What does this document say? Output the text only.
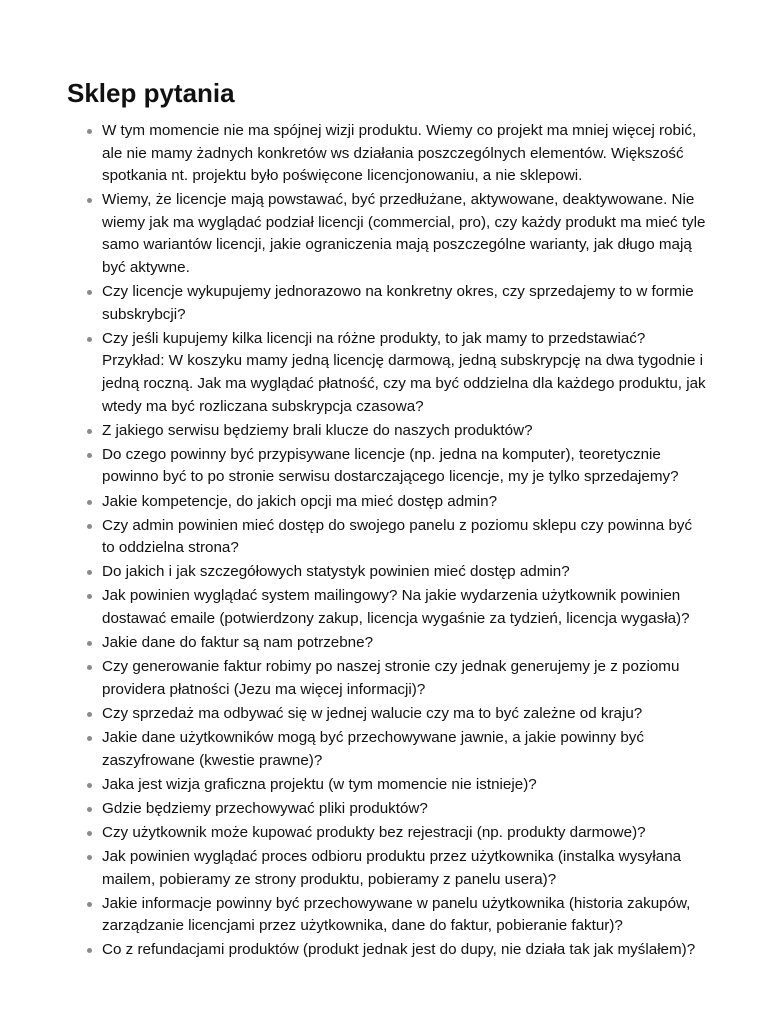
Sklep pytania
W tym momencie nie ma spójnej wizji produktu. Wiemy co projekt ma mniej więcej robić, ale nie mamy żadnych konkretów ws działania poszczególnych elementów. Większość spotkania nt. projektu było poświęcone licencjonowaniu, a nie sklepowi.
Wiemy, że licencje mają powstawać, być przedłużane, aktywowane, deaktywowane. Nie wiemy jak ma wyglądać podział licencji (commercial, pro), czy każdy produkt ma mieć tyle samo wariantów licencji, jakie ograniczenia mają poszczególne warianty, jak długo mają być aktywne.
Czy licencje wykupujemy jednorazowo na konkretny okres, czy sprzedajemy to w formie subskrybcji?
Czy jeśli kupujemy kilka licencji na różne produkty, to jak mamy to przedstawiać? Przykład: W koszyku mamy jedną licencję darmową, jedną subskrypcję na dwa tygodnie i jedną roczną. Jak ma wyglądać płatność, czy ma być oddzielna dla każdego produktu, jak wtedy ma być rozliczana subskrypcja czasowa?
Z jakiego serwisu będziemy brali klucze do naszych produktów?
Do czego powinny być przypisywane licencje (np. jedna na komputer), teoretycznie powinno być to po stronie serwisu dostarczającego licencje, my je tylko sprzedajemy?
Jakie kompetencje, do jakich opcji ma mieć dostęp admin?
Czy admin powinien mieć dostęp do swojego panelu z poziomu sklepu czy powinna być to oddzielna strona?
Do jakich i jak szczegółowych statystyk powinien mieć dostęp admin?
Jak powinien wyglądać system mailingowy? Na jakie wydarzenia użytkownik powinien dostawać emaile (potwierdzony zakup, licencja wygaśnie za tydzień, licencja wygasła)?
Jakie dane do faktur są nam potrzebne?
Czy generowanie faktur robimy po naszej stronie czy jednak generujemy je z poziomu providera płatności (Jezu ma więcej informacji)?
Czy sprzedaż ma odbywać się w jednej walucie czy ma to być zależne od kraju?
Jakie dane użytkowników mogą być przechowywane jawnie, a jakie powinny być zaszyfrowane (kwestie prawne)?
Jaka jest wizja graficzna projektu (w tym momencie nie istnieje)?
Gdzie będziemy przechowywać pliki produktów?
Czy użytkownik może kupować produkty bez rejestracji (np. produkty darmowe)?
Jak powinien wyglądać proces odbioru produktu przez użytkownika (instalka wysyłana mailem, pobieramy ze strony produktu, pobieramy z panelu usera)?
Jakie informacje powinny być przechowywane w panelu użytkownika (historia zakupów, zarządzanie licencjami przez użytkownika, dane do faktur, pobieranie faktur)?
Co z refundacjami produktów (produkt jednak jest do dupy, nie działa tak jak myślałem)?
